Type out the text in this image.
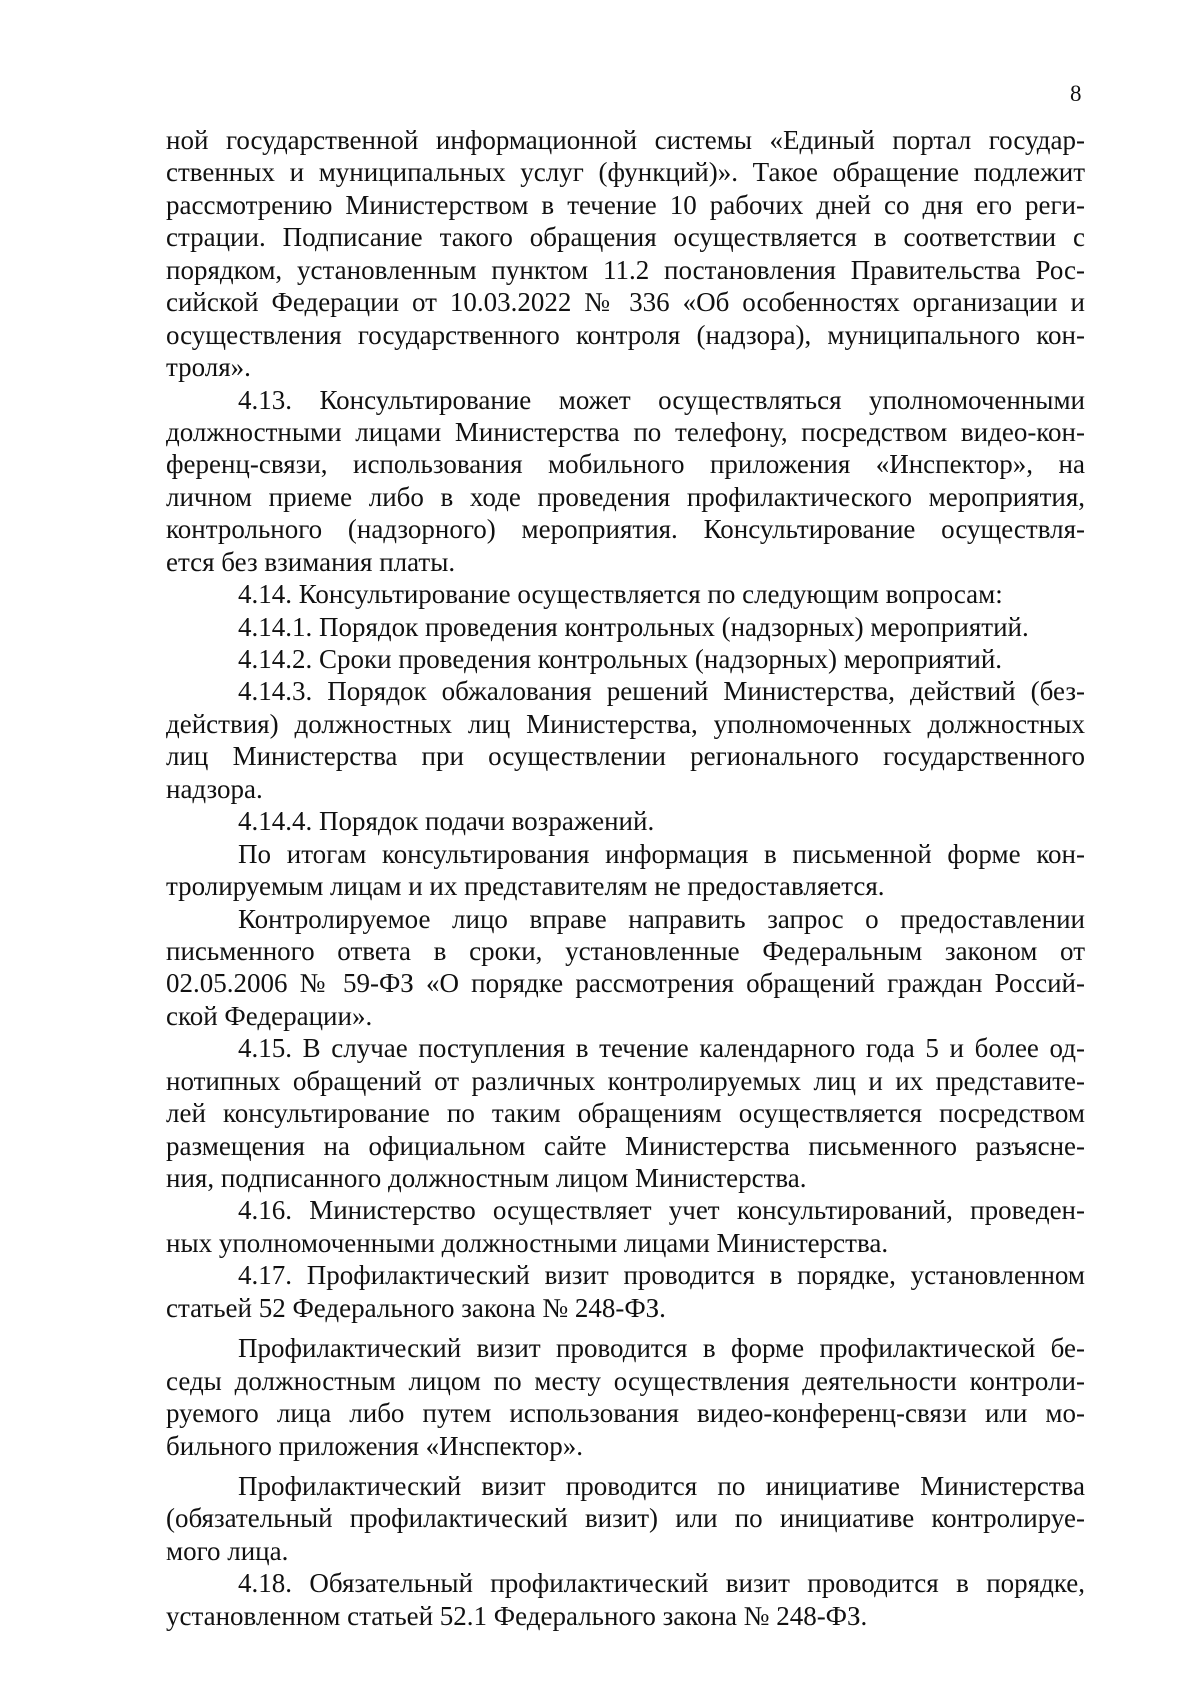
8
ной государственной информационной системы «Единый портал государ-
ственных и муниципальных услуг (функций)». Такое обращение подлежит
рассмотрению Министерством в течение 10 рабочих дней со дня его реги-
страции. Подписание такого обращения осуществляется в соответствии с
порядком, установленным пунктом 11.2 постановления Правительства Рос-
сийской Федерации от 10.03.2022 № 336 «Об особенностях организации и
осуществления государственного контроля (надзора), муниципального кон-
троля».
4.13. Консультирование может осуществляться уполномоченными
должностными лицами Министерства по телефону, посредством видео-кон-
ференц-связи, использования мобильного приложения «Инспектор», на
личном приеме либо в ходе проведения профилактического мероприятия,
контрольного (надзорного) мероприятия. Консультирование осуществля-
ется без взимания платы.
4.14. Консультирование осуществляется по следующим вопросам:
4.14.1. Порядок проведения контрольных (надзорных) мероприятий.
4.14.2. Сроки проведения контрольных (надзорных) мероприятий.
4.14.3. Порядок обжалования решений Министерства, действий (без-
действия) должностных лиц Министерства, уполномоченных должностных
лиц Министерства при осуществлении регионального государственного
надзора.
4.14.4. Порядок подачи возражений.
По итогам консультирования информация в письменной форме кон-
тролируемым лицам и их представителям не предоставляется.
Контролируемое лицо вправе направить запрос о предоставлении
письменного ответа в сроки, установленные Федеральным законом от
02.05.2006 № 59-ФЗ «О порядке рассмотрения обращений граждан Россий-
ской Федерации».
4.15. В случае поступления в течение календарного года 5 и более од-
нотипных обращений от различных контролируемых лиц и их представите-
лей консультирование по таким обращениям осуществляется посредством
размещения на официальном сайте Министерства письменного разъясне-
ния, подписанного должностным лицом Министерства.
4.16. Министерство осуществляет учет консультирований, проведен-
ных уполномоченными должностными лицами Министерства.
4.17. Профилактический визит проводится в порядке, установленном
статьей 52 Федерального закона № 248-ФЗ.
Профилактический визит проводится в форме профилактической бе-
седы должностным лицом по месту осуществления деятельности контроли-
руемого лица либо путем использования видео-конференц-связи или мо-
бильного приложения «Инспектор».
Профилактический визит проводится по инициативе Министерства
(обязательный профилактический визит) или по инициативе контролируе-
мого лица.
4.18. Обязательный профилактический визит проводится в порядке,
установленном статьей 52.1 Федерального закона № 248-ФЗ.
